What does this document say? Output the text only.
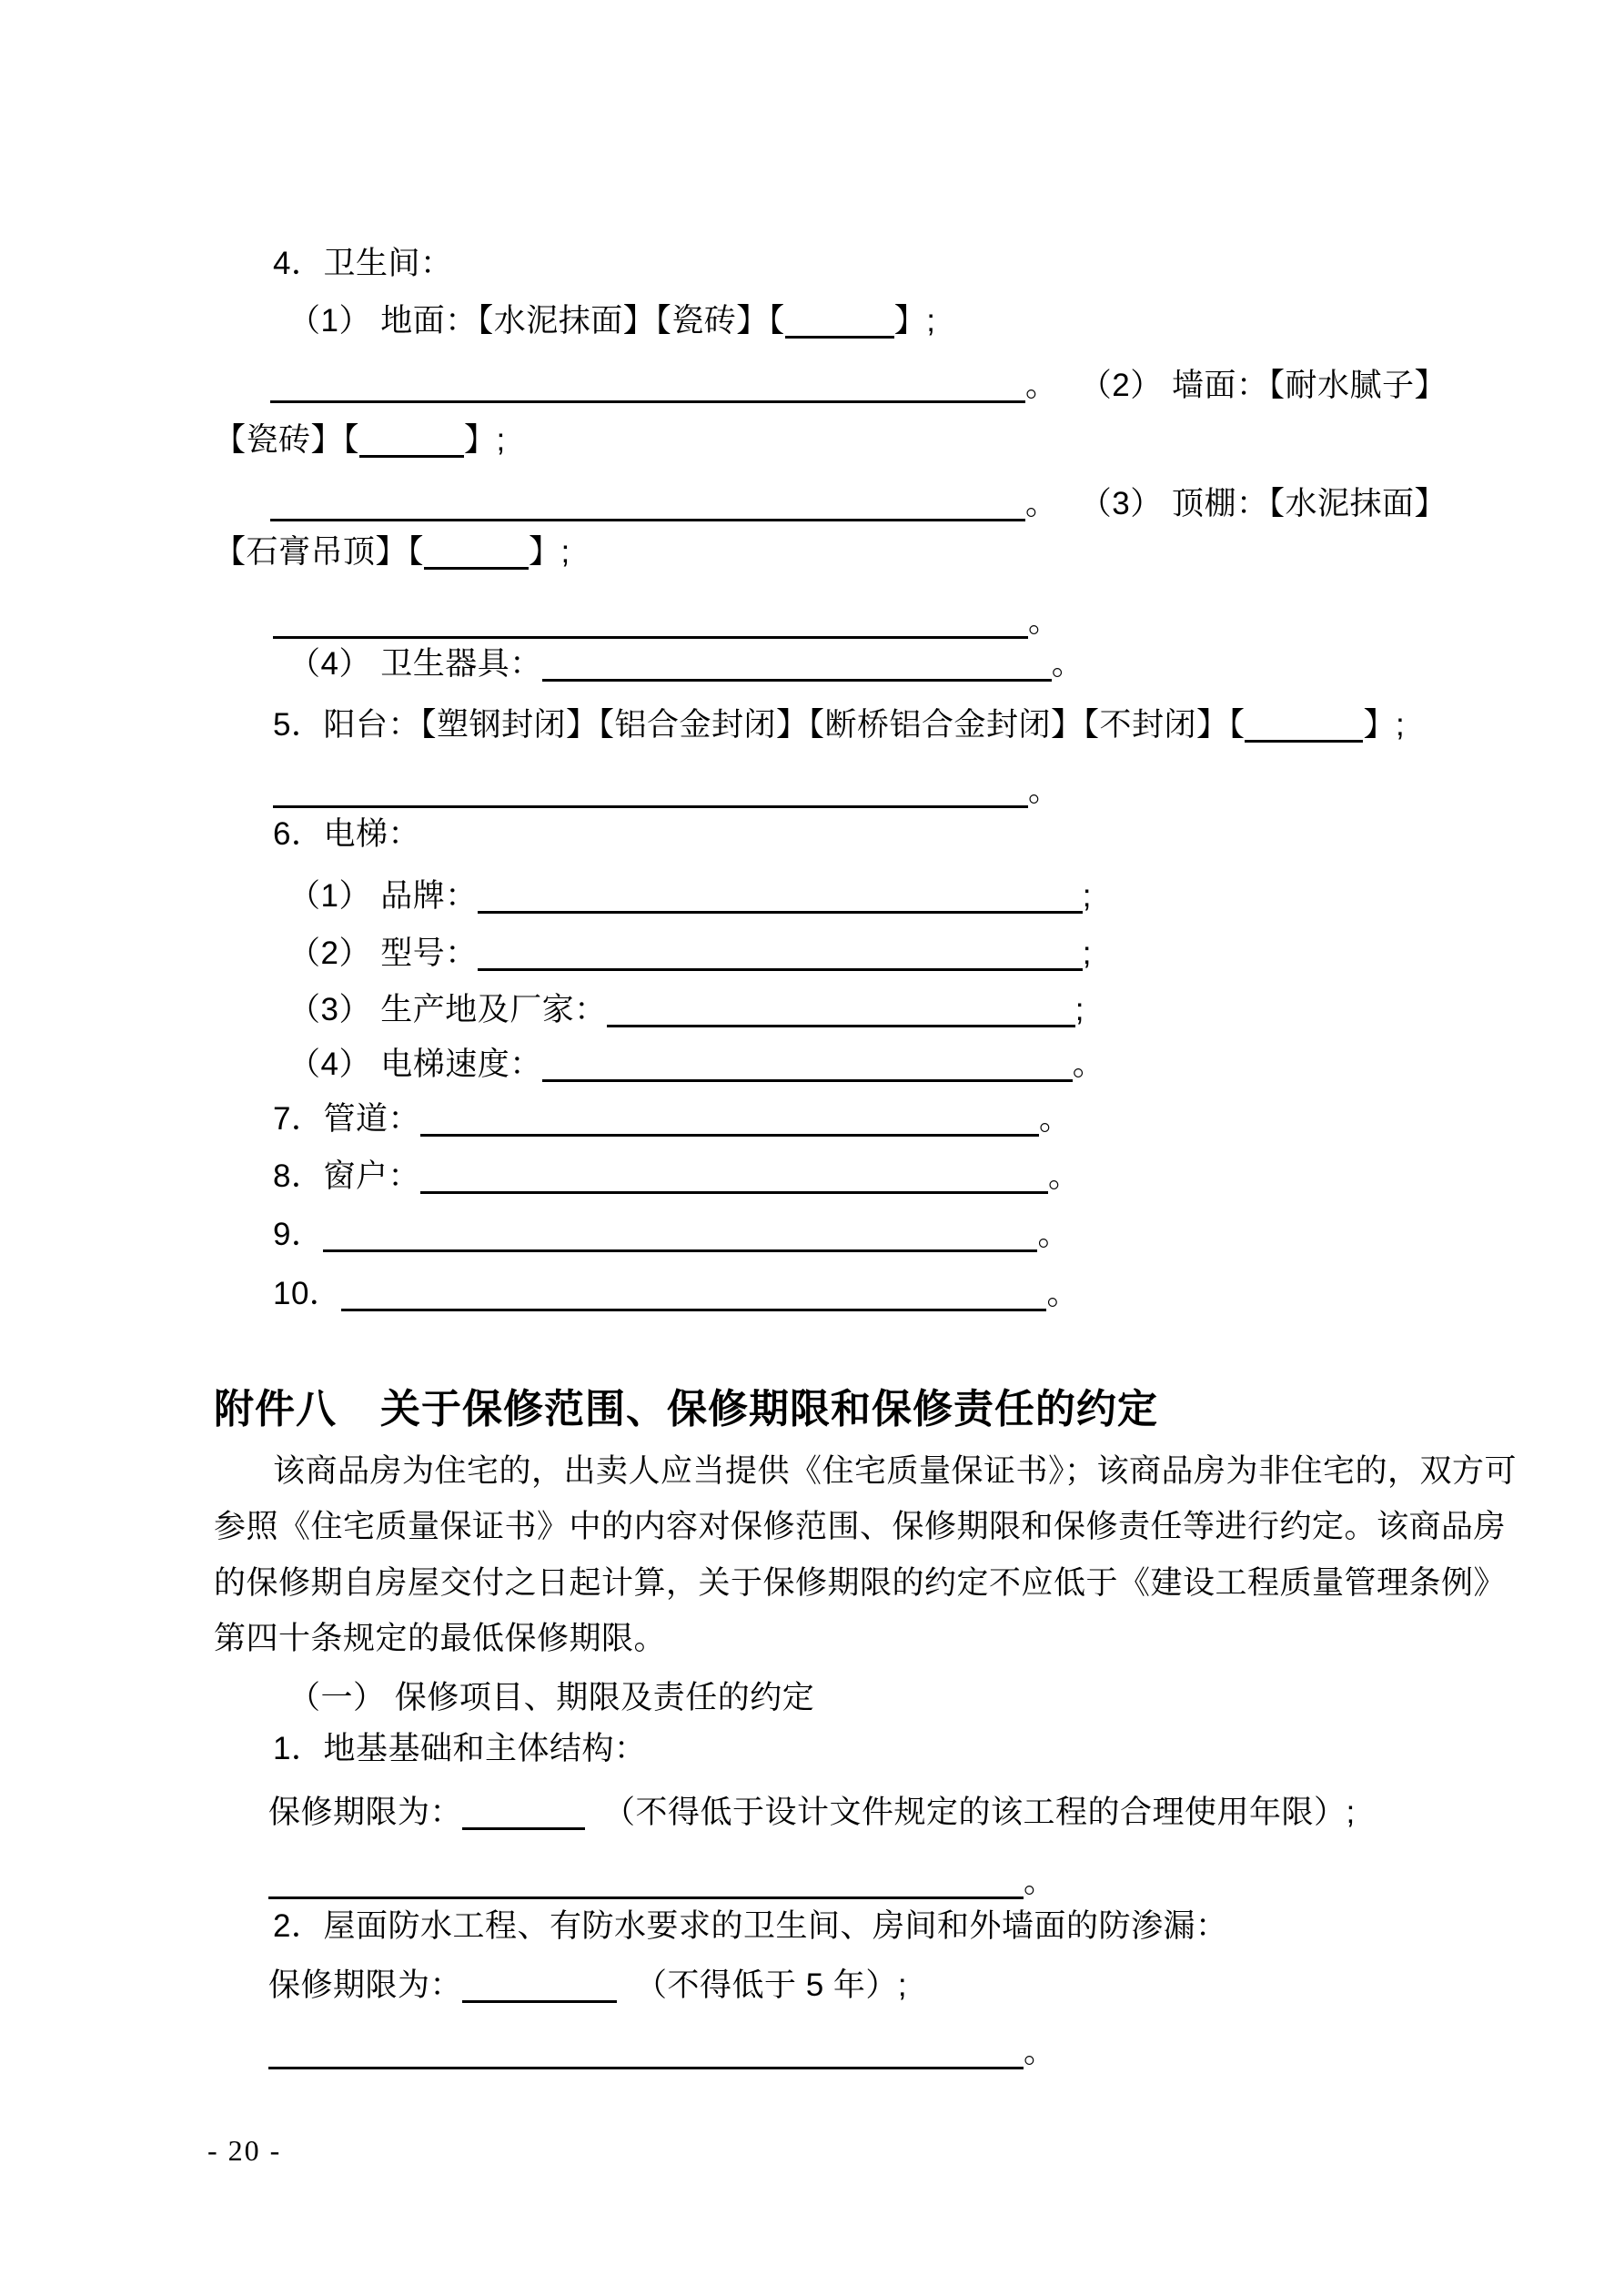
4．卫生间：
（1） 地面：【水泥抹面】【瓷砖】【	】;
。 （2） 墙面：【耐水腻子】
【瓷砖】【	】;
。 （3） 顶棚：【水泥抹面】
【石膏吊顶】【	】;
。
（4） 卫生器具：	。
5．阳台：【塑钢封闭】【铝合金封闭】【断桥铝合金封闭】【不封闭】【	】;
。
6．电梯：
（1） 品牌：	;
（2） 型号：	;
（3） 生产地及厂家：	;
（4） 电梯速度：	。
7．管道：	。
8．窗户：	。
9．	。
10．	。
附件八 关于保修范围、保修期限和保修责任的约定
该商品房为住宅的，出卖人应当提供《住宅质量保证书》；该商品房为非住宅的，双方可
参照《住宅质量保证书》中的内容对保修范围、保修期限和保修责任等进行约定。该商品房
的保修期自房屋交付之日起计算，关于保修期限的约定不应低于《建设工程质量管理条例》
第四十条规定的最低保修期限。
（一） 保修项目、期限及责任的约定
1．地基基础和主体结构：
保修期限为：	（不得低于设计文件规定的该工程的合理使用年限）;
。
2．屋面防水工程、有防水要求的卫生间、房间和外墙面的防渗漏：
保修期限为：	（不得低于 5 年）;
。
- 20 -
